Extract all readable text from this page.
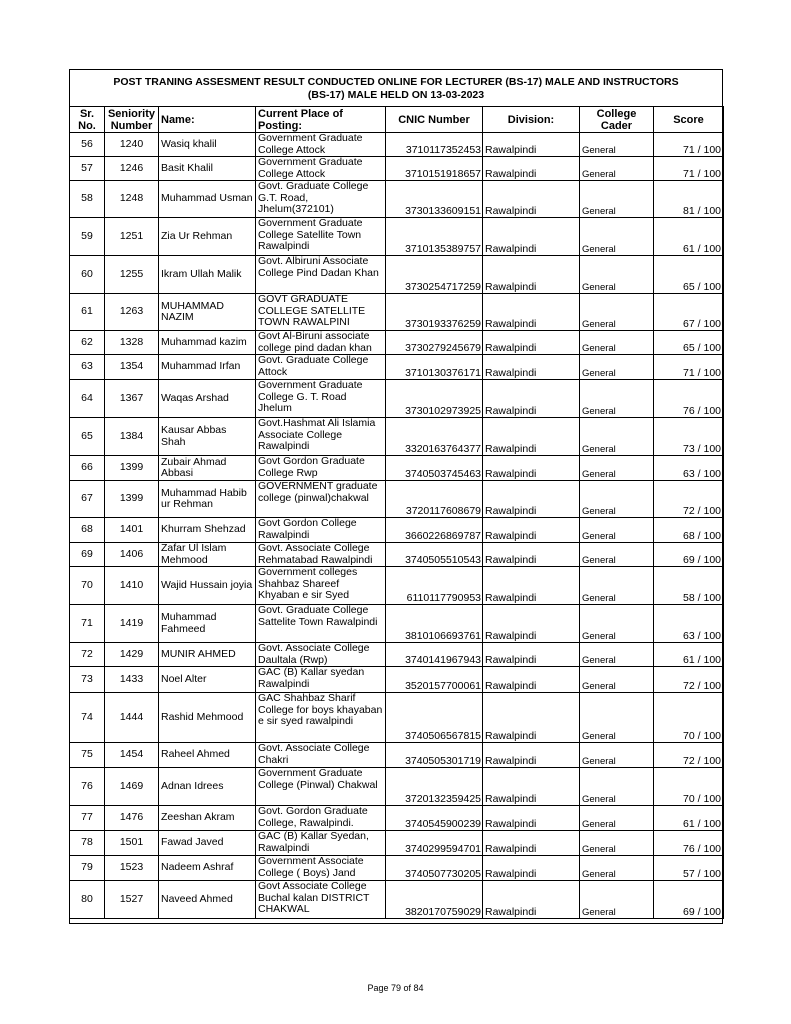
POST TRANING ASSESMENT RESULT CONDUCTED ONLINE FOR LECTURER (BS-17) MALE AND INSTRUCTORS
(BS-17) MALE HELD ON 13-03-2023
Sr. No.	Seniority Number	Name:	Current Place of Posting:	CNIC Number	Division:	College Cader	Score
56	1240	Wasiq khalil	Government Graduate College Attock	3710117352453	Rawalpindi	General	71 / 100
57	1246	Basit Khalil	Government Graduate College Attock	3710151918657	Rawalpindi	General	71 / 100
58	1248	Muhammad Usman	Govt. Graduate College G.T. Road, Jhelum(372101)	3730133609151	Rawalpindi	General	81 / 100
59	1251	Zia Ur Rehman	Government Graduate College Satellite Town Rawalpindi	3710135389757	Rawalpindi	General	61 / 100
60	1255	Ikram Ullah Malik	Govt. Albiruni Associate College Pind Dadan Khan	3730254717259	Rawalpindi	General	65 / 100
61	1263	MUHAMMAD NAZIM	GOVT GRADUATE COLLEGE SATELLITE TOWN RAWALPINI	3730193376259	Rawalpindi	General	67 / 100
62	1328	Muhammad kazim	Govt Al-Biruni associate college pind dadan khan	3730279245679	Rawalpindi	General	65 / 100
63	1354	Muhammad Irfan	Govt. Graduate College Attock	3710130376171	Rawalpindi	General	71 / 100
64	1367	Waqas Arshad	Government Graduate College G. T. Road Jhelum	3730102973925	Rawalpindi	General	76 / 100
65	1384	Kausar Abbas Shah	Govt.Hashmat Ali Islamia Associate College Rawalpindi	3320163764377	Rawalpindi	General	73 / 100
66	1399	Zubair Ahmad Abbasi	Govt Gordon Graduate College Rwp	3740503745463	Rawalpindi	General	63 / 100
67	1399	Muhammad Habib ur Rehman	GOVERNMENT graduate college (pinwal)chakwal	3720117608679	Rawalpindi	General	72 / 100
68	1401	Khurram Shehzad	Govt Gordon College Rawalpindi	3660226869787	Rawalpindi	General	68 / 100
69	1406	Zafar Ul Islam Mehmood	Govt. Associate College Rehmatabad Rawalpindi	3740505510543	Rawalpindi	General	69 / 100
70	1410	Wajid Hussain joyia	Government colleges Shahbaz Shareef Khyaban e sir Syed	6110117790953	Rawalpindi	General	58 / 100
71	1419	Muhammad Fahmeed	Govt. Graduate College Sattelite Town Rawalpindi	3810106693761	Rawalpindi	General	63 / 100
72	1429	MUNIR AHMED	Govt. Associate College Daultala (Rwp)	3740141967943	Rawalpindi	General	61 / 100
73	1433	Noel Alter	GAC (B) Kallar syedan Rawalpindi	3520157700061	Rawalpindi	General	72 / 100
74	1444	Rashid Mehmood	GAC Shahbaz Sharif College for boys khayaban e sir syed rawalpindi	3740506567815	Rawalpindi	General	70 / 100
75	1454	Raheel Ahmed	Govt. Associate College Chakri	3740505301719	Rawalpindi	General	72 / 100
76	1469	Adnan Idrees	Government Graduate College (Pinwal) Chakwal	3720132359425	Rawalpindi	General	70 / 100
77	1476	Zeeshan Akram	Govt. Gordon Graduate College, Rawalpindi.	3740545900239	Rawalpindi	General	61 / 100
78	1501	Fawad Javed	GAC (B) Kallar Syedan, Rawalpindi	3740299594701	Rawalpindi	General	76 / 100
79	1523	Nadeem Ashraf	Government Associate College ( Boys) Jand	3740507730205	Rawalpindi	General	57 / 100
80	1527	Naveed Ahmed	Govt Associate College Buchal kalan DISTRICT CHAKWAL	3820170759029	Rawalpindi	General	69 / 100
Page 79 of 84
